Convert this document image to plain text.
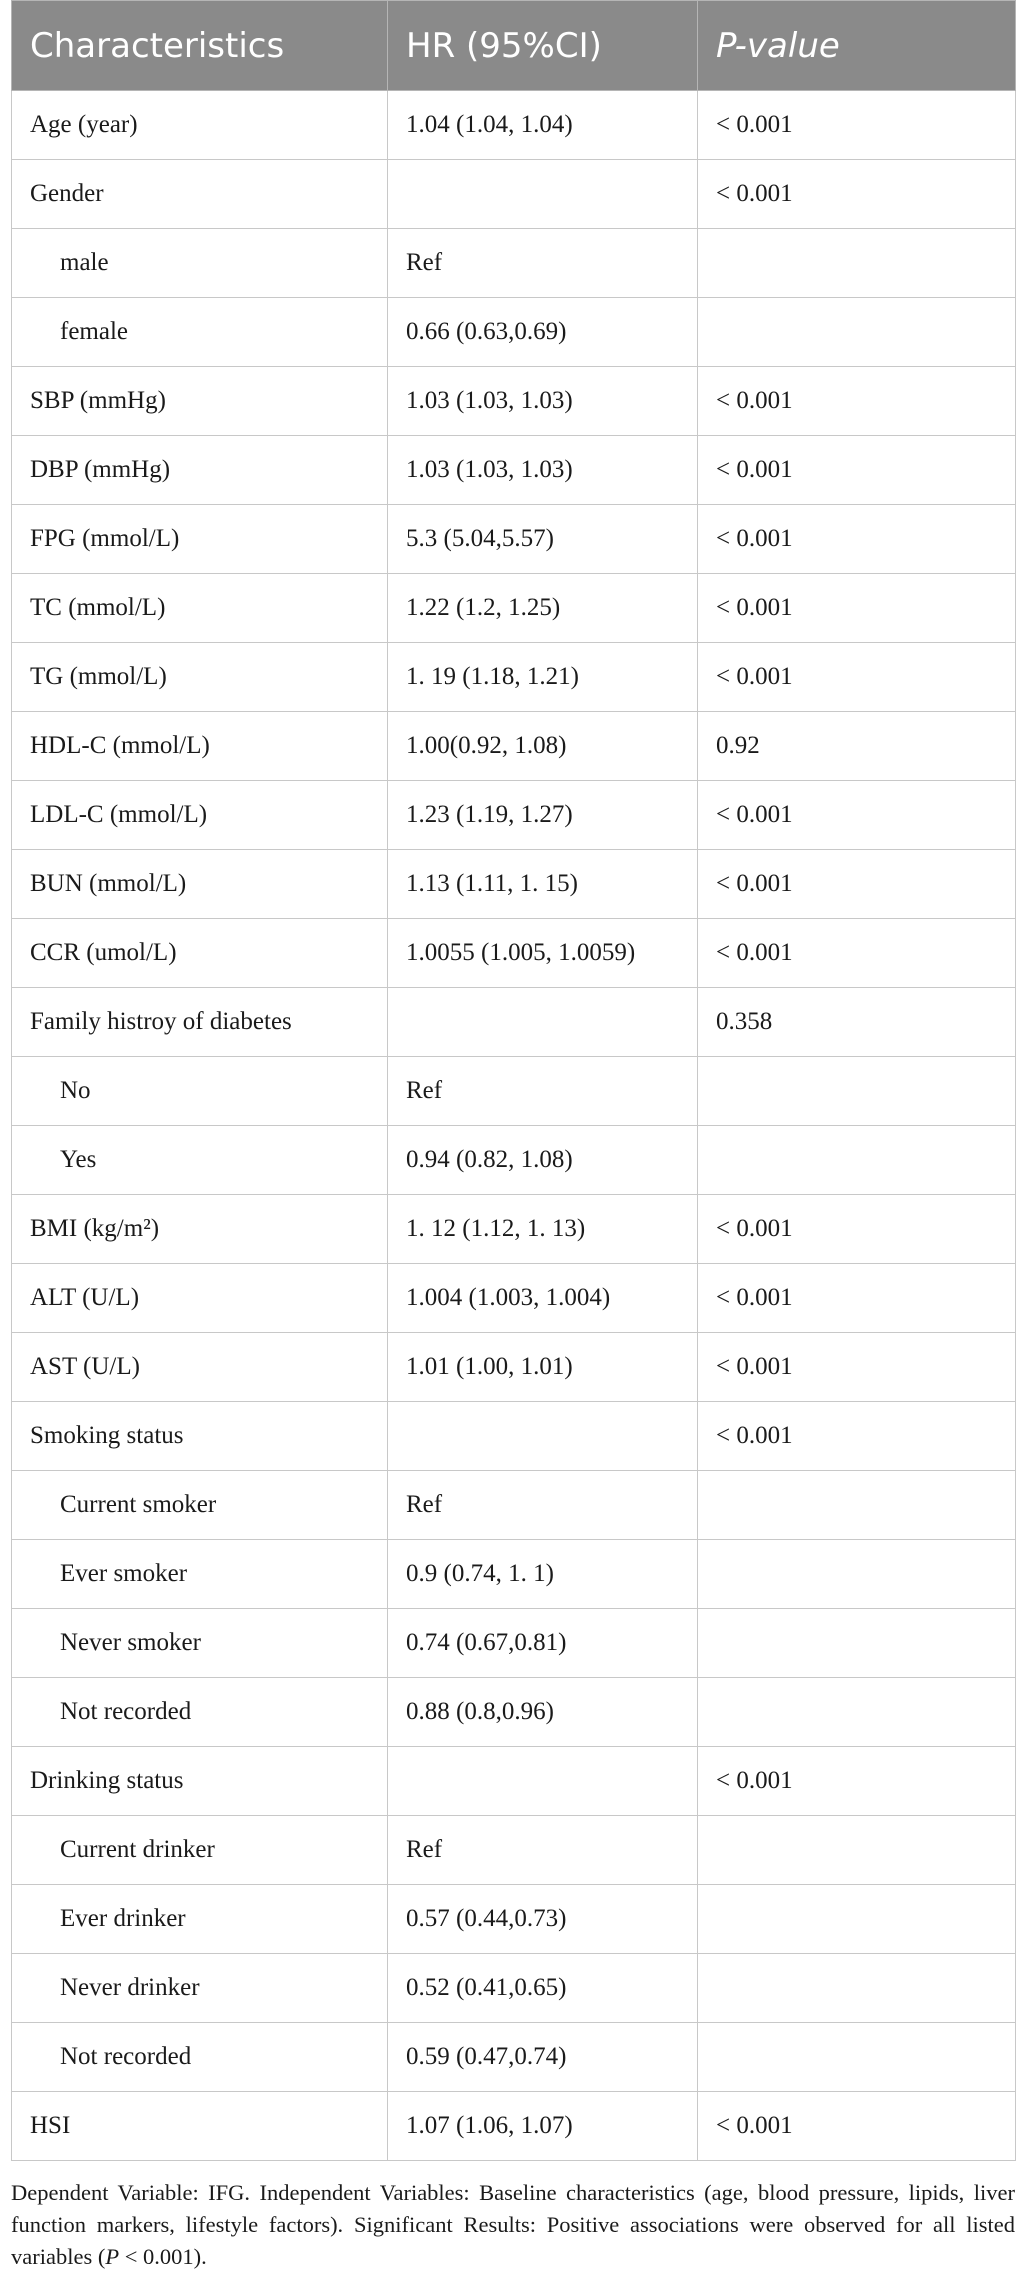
Characteristics	HR (95%CI)	P-value
Age (year)	1.04 (1.04, 1.04)	< 0.001
Gender		< 0.001
male	Ref	
female	0.66 (0.63,0.69)	
SBP (mmHg)	1.03 (1.03, 1.03)	< 0.001
DBP (mmHg)	1.03 (1.03, 1.03)	< 0.001
FPG (mmol/L)	5.3 (5.04,5.57)	< 0.001
TC (mmol/L)	1.22 (1.2, 1.25)	< 0.001
TG (mmol/L)	1. 19 (1.18, 1.21)	< 0.001
HDL-C (mmol/L)	1.00(0.92, 1.08)	0.92
LDL-C (mmol/L)	1.23 (1.19, 1.27)	< 0.001
BUN (mmol/L)	1.13 (1.11, 1. 15)	< 0.001
CCR (umol/L)	1.0055 (1.005, 1.0059)	< 0.001
Family histroy of diabetes		0.358
No	Ref	
Yes	0.94 (0.82, 1.08)	
BMI (kg/m²)	1. 12 (1.12, 1. 13)	< 0.001
ALT (U/L)	1.004 (1.003, 1.004)	< 0.001
AST (U/L)	1.01 (1.00, 1.01)	< 0.001
Smoking status		< 0.001
Current smoker	Ref	
Ever smoker	0.9 (0.74, 1. 1)	
Never smoker	0.74 (0.67,0.81)	
Not recorded	0.88 (0.8,0.96)	
Drinking status		< 0.001
Current drinker	Ref	
Ever drinker	0.57 (0.44,0.73)	
Never drinker	0.52 (0.41,0.65)	
Not recorded	0.59 (0.47,0.74)	
HSI	1.07 (1.06, 1.07)	< 0.001

Dependent Variable: IFG. Independent Variables: Baseline characteristics (age, blood pressure, lipids, liver function markers, lifestyle factors). Significant Results: Positive associations were observed for all listed variables (P < 0.001).
